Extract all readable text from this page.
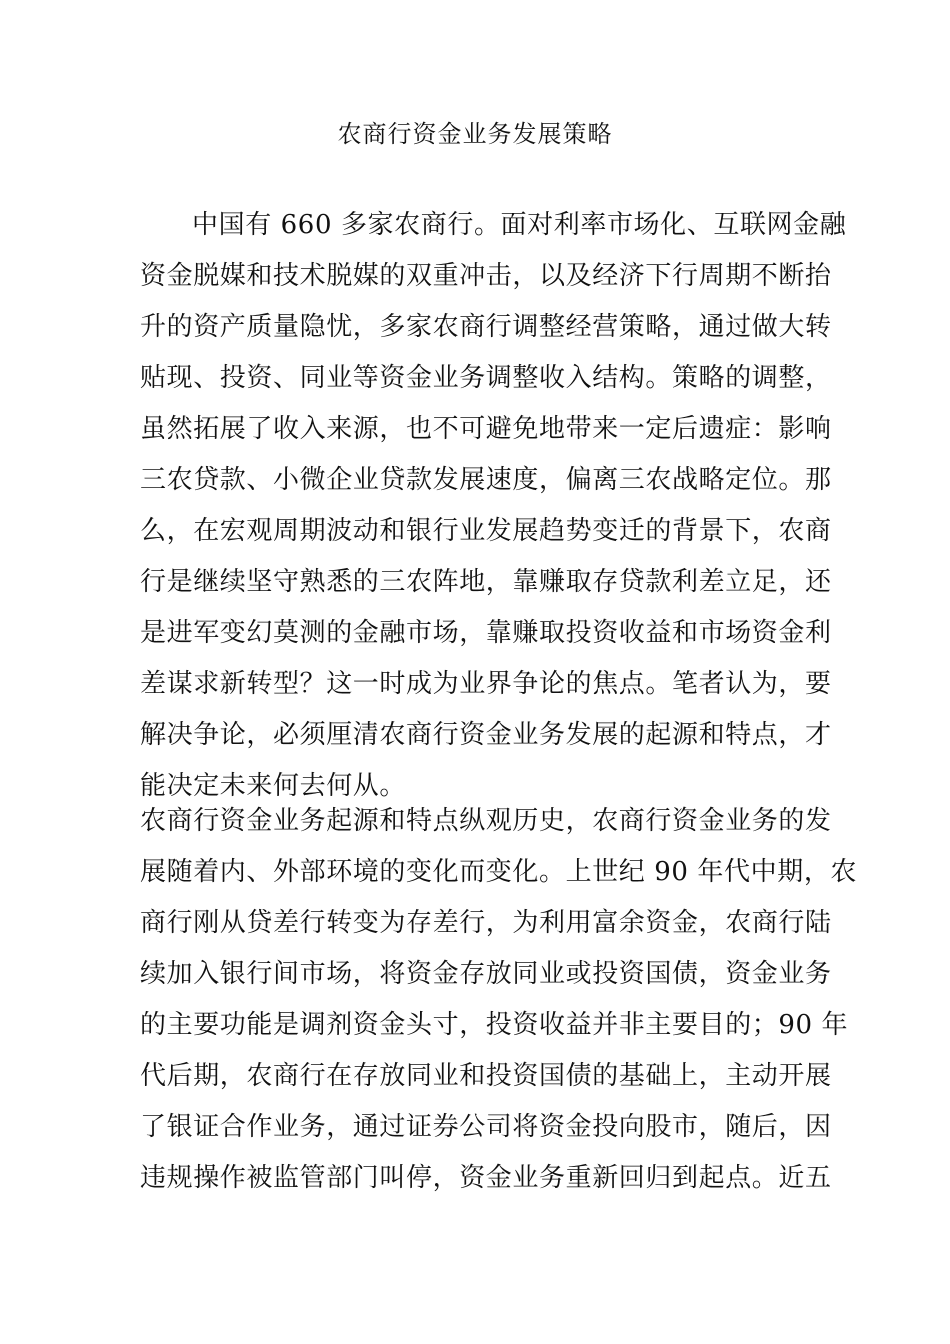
农商行资金业务发展策略
中国有 660 多家农商行。面对利率市场化、互联网金融
资金脱媒和技术脱媒的双重冲击，以及经济下行周期不断抬
升的资产质量隐忧，多家农商行调整经营策略，通过做大转
贴现、投资、同业等资金业务调整收入结构。策略的调整，
虽然拓展了收入来源，也不可避免地带来一定后遗症：影响
三农贷款、小微企业贷款发展速度，偏离三农战略定位。那
么，在宏观周期波动和银行业发展趋势变迁的背景下，农商
行是继续坚守熟悉的三农阵地，靠赚取存贷款利差立足，还
是进军变幻莫测的金融市场，靠赚取投资收益和市场资金利
差谋求新转型？这一时成为业界争论的焦点。笔者认为，要
解决争论，必须厘清农商行资金业务发展的起源和特点，才
能决定未来何去何从。
农商行资金业务起源和特点纵观历史，农商行资金业务的发
展随着内、外部环境的变化而变化。上世纪 90 年代中期，农
商行刚从贷差行转变为存差行，为利用富余资金，农商行陆
续加入银行间市场，将资金存放同业或投资国债，资金业务
的主要功能是调剂资金头寸，投资收益并非主要目的；90 年
代后期，农商行在存放同业和投资国债的基础上，主动开展
了银证合作业务，通过证券公司将资金投向股市，随后，因
违规操作被监管部门叫停，资金业务重新回归到起点。近五
